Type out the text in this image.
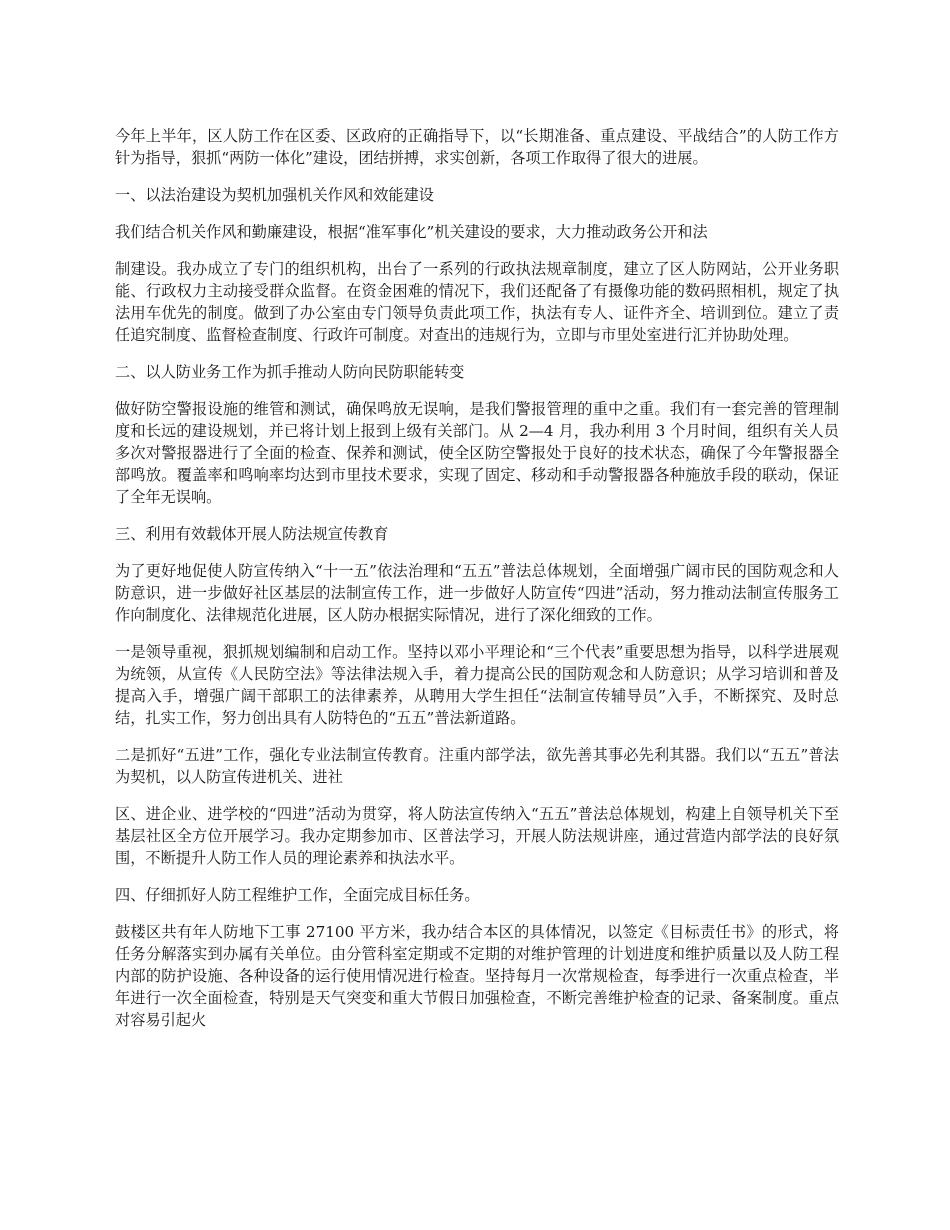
今年上半年，区人防工作在区委、区政府的正确指导下，以“长期准备、重点建设、平战结合”的人防工作方针为指导，狠抓“两防一体化”建设，团结拼搏，求实创新，各项工作取得了很大的进展。

一、以法治建设为契机加强机关作风和效能建设

我们结合机关作风和勤廉建设，根据“准军事化”机关建设的要求，大力推动政务公开和法

制建设。我办成立了专门的组织机构，出台了一系列的行政执法规章制度，建立了区人防网站，公开业务职能、行政权力主动接受群众监督。在资金困难的情况下，我们还配备了有摄像功能的数码照相机，规定了执法用车优先的制度。做到了办公室由专门领导负责此项工作，执法有专人、证件齐全、培训到位。建立了责任追究制度、监督检查制度、行政许可制度。对查出的违规行为，立即与市里处室进行汇并协助处理。

二、以人防业务工作为抓手推动人防向民防职能转变

做好防空警报设施的维管和测试，确保鸣放无误响，是我们警报管理的重中之重。我们有一套完善的管理制度和长远的建设规划，并已将计划上报到上级有关部门。从 2—4 月，我办利用 3 个月时间，组织有关人员多次对警报器进行了全面的检查、保养和测试，使全区防空警报处于良好的技术状态，确保了今年警报器全部鸣放。覆盖率和鸣响率均达到市里技术要求，实现了固定、移动和手动警报器各种施放手段的联动，保证了全年无误响。

三、利用有效载体开展人防法规宣传教育

为了更好地促使人防宣传纳入“十一五”依法治理和“五五”普法总体规划，全面增强广阔市民的国防观念和人防意识，进一步做好社区基层的法制宣传工作，进一步做好人防宣传“四进”活动，努力推动法制宣传服务工作向制度化、法律规范化进展，区人防办根据实际情况，进行了深化细致的工作。

一是领导重视，狠抓规划编制和启动工作。坚持以邓小平理论和“三个代表”重要思想为指导，以科学进展观为统领，从宣传《人民防空法》等法律法规入手，着力提高公民的国防观念和人防意识；从学习培训和普及提高入手，增强广阔干部职工的法律素养，从聘用大学生担任“法制宣传辅导员”入手，不断探究、及时总结，扎实工作，努力创出具有人防特色的“五五”普法新道路。

二是抓好“五进”工作，强化专业法制宣传教育。注重内部学法，欲先善其事必先利其器。我们以“五五”普法为契机，以人防宣传进机关、进社

区、进企业、进学校的“四进”活动为贯穿，将人防法宣传纳入“五五”普法总体规划，构建上自领导机关下至基层社区全方位开展学习。我办定期参加市、区普法学习，开展人防法规讲座，通过营造内部学法的良好氛围，不断提升人防工作人员的理论素养和执法水平。

四、仔细抓好人防工程维护工作，全面完成目标任务。

鼓楼区共有年人防地下工事 27100 平方米，我办结合本区的具体情况，以签定《目标责任书》的形式，将任务分解落实到办属有关单位。由分管科室定期或不定期的对维护管理的计划进度和维护质量以及人防工程内部的防护设施、各种设备的运行使用情况进行检查。坚持每月一次常规检查，每季进行一次重点检查，半年进行一次全面检查，特别是天气突变和重大节假日加强检查，不断完善维护检查的记录、备案制度。重点对容易引起火
